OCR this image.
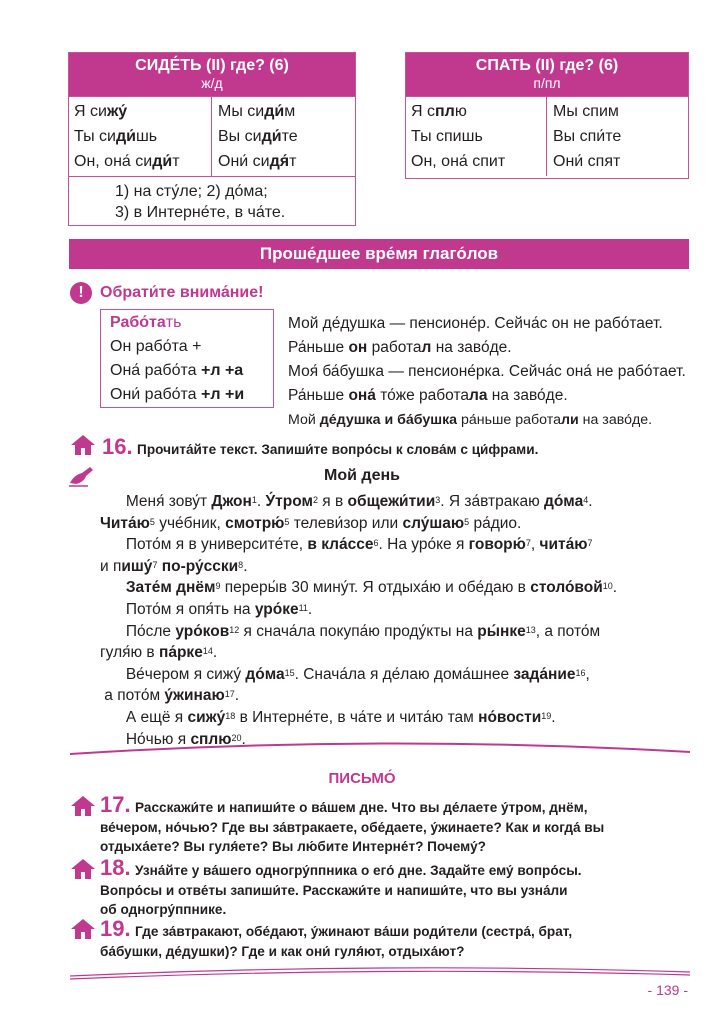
СИДЕ́ТЬ (II) где? (6)
ж/д
Я сижу́
Ты сиди́шь
Он, она́ сиди́т
Мы сиди́м
Вы сиди́те
Они́ сидя́т
1) на сту́ле; 2) до́ма;
3) в Интерне́те, в ча́те.
СПАТЬ (II) где? (6)
п/пл
Я сплю
Ты спишь
Он, она́ спит
Мы спим
Вы спи́те
Они́ спят
Проше́дшее вре́мя глаго́лов
!	Обрати́те внима́ние!
Рабо́тать
Он рабо́та +
Она́ рабо́та +л +а
Они́ рабо́та +л +и
Мой де́душка — пенсионе́р. Сейча́с он не рабо́тает.
Ра́ньше он работал на заво́де.
Моя́ ба́бушка — пенсионе́рка. Сейча́с она́ не рабо́тает.
Ра́ньше она́ то́же работала на заво́де.
Мой де́душка и ба́бушка ра́ньше работали на заво́де.
16. Прочита́йте текст. Запиши́те вопро́сы к слова́м с ци́фрами.
Мой день
Меня́ зову́т Джон$^1$. У́тром$^2$ я в общежи́тии$^3$. Я за́втракаю $до́ма^4$.
$Чита́ю^5$ уче́бник, смотрю́$^5$ телеви́зор или слу́шаю$^5$ ра́дио.
Пото́м я в университе́те, в кла́ссе$^6$. На уро́ке я говорю́$^7$, $чита́ю^7$
и пишу́$^7$ по-ру́сски$^8$.
Зате́м днём$^9$ переры́в 30 мину́т. Я отдыха́ю и обе́даю в столо́вой$^{10}$.
Пото́м я опя́ть на $уро́ке^{11}$.
По́сле уро́ков$^{12}$ я снача́ла покупа́ю проду́кты на ры́нке$^{13}$, а пото́м
гуля́ю в па́рке$^{14}$.
Ве́чером я сижу́ $до́ма^{15}$. Снача́ла я де́лаю дома́шнее зада́ние$^{16}$,
а пото́м у́жинаю$^{17}$.
А ещё я сижу́$^{18}$ в Интерне́те, в ча́те и чита́ю там но́вости$^{19}$.
Но́чью я сплю$^{20}$.
ПИСЬМО́
17. Расскажи́те и напиши́те о ва́шем дне. Что вы де́лаете у́тром, днём,
ве́чером, но́чью? Где вы за́втракаете, обе́даете, у́жинаете? Как и когда́ вы
отдыха́ете? Вы гуля́ете? Вы лю́бите Интерне́т? Почему́?
18. Узна́йте у ва́шего одногру́ппника о его́ дне. Задайте ему́ вопро́сы.
Вопро́сы и отве́ты запиши́те. Расскажи́те и напиши́те, что вы узна́ли
об одногру́ппнике.
19. Где за́втракают, обе́дают, у́жинают ва́ши роди́тели (сестра́, брат,
ба́бушки, де́душки)? Где и как они́ гуля́ют, отдыха́ют?
- 139 -
